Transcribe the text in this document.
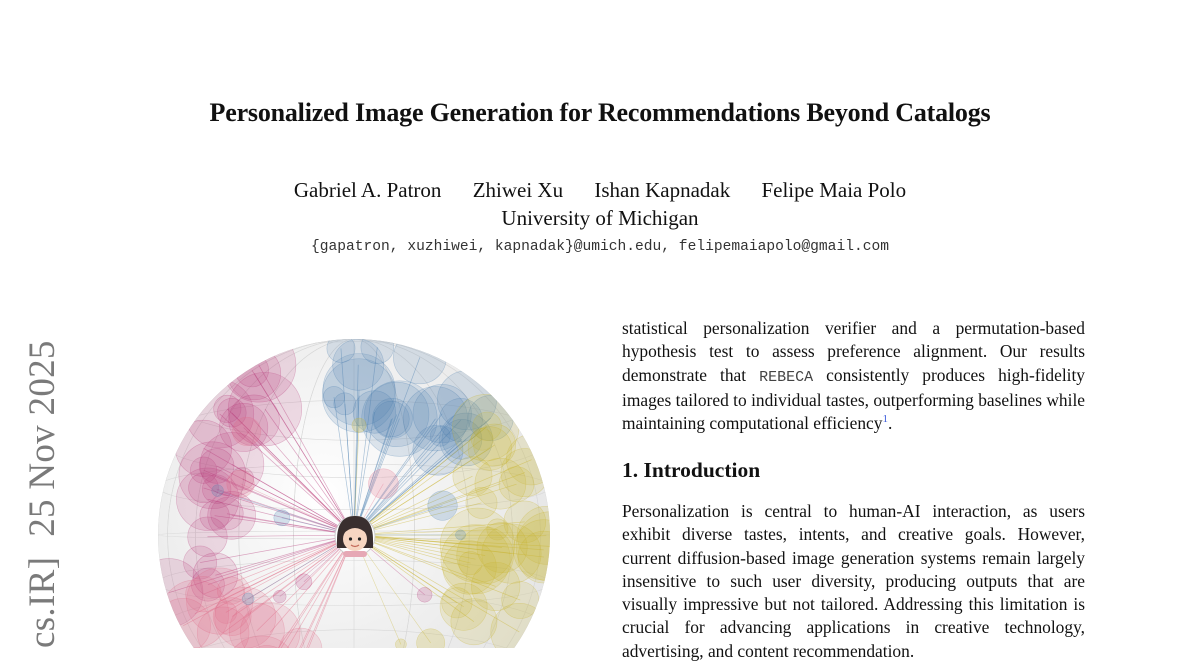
Personalized Image Generation for Recommendations Beyond Catalogs
Gabriel A. Patron Zhiwei Xu Ishan Kapnadak Felipe Maia Polo
University of Michigan
{gapatron, xuzhiwei, kapnadak}@umich.edu, felipemaiapolo@gmail.com
cs.IR]25 Nov 2025

statistical personalization verifier and a permutation-based hypothesis test to assess preference alignment. Our results demonstrate that REBECA consistently produces high-fidelity images tailored to individual tastes, outperforming baselines while maintaining computational efficiency$^1$.

1. Introduction

Personalization is central to human-AI interaction, as users exhibit diverse tastes, intents, and creative goals. However, current diffusion-based image generation systems remain largely insensitive to such user diversity, producing outputs that are visually impressive but not tailored. Addressing this limitation is crucial for advancing applications in creative technology, advertising, and content recommendation.
